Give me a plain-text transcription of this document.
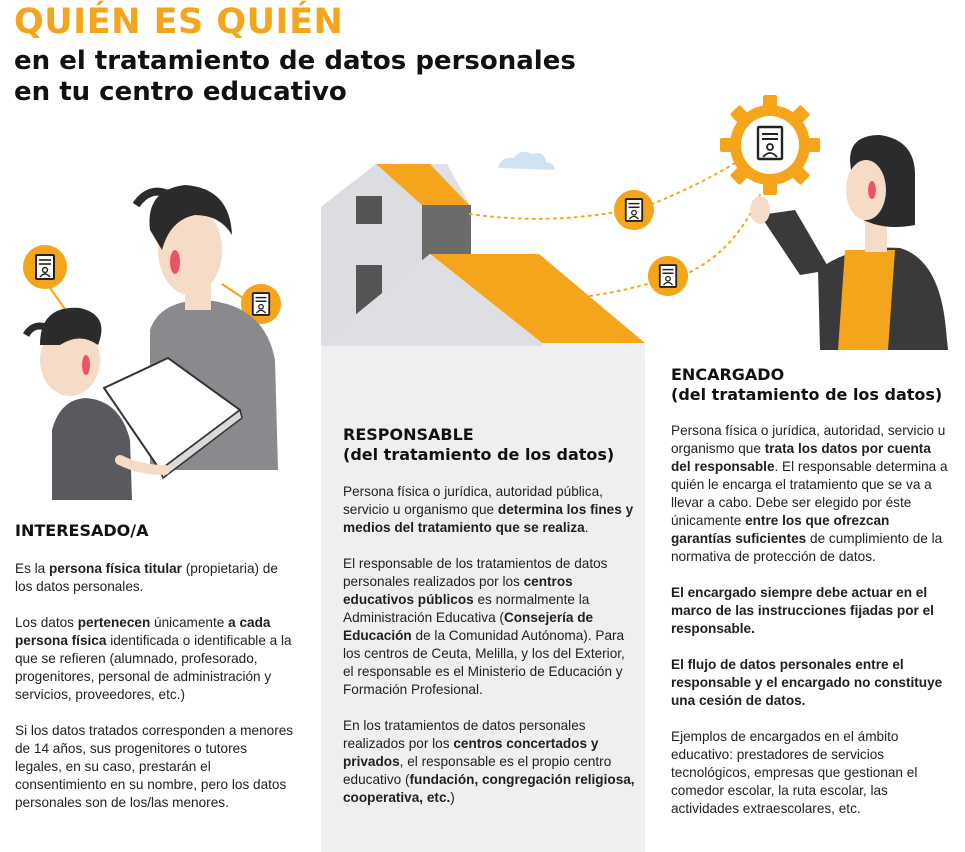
QUIÉN ES QUIÉN
en el tratamiento de datos personales
en tu centro educativo
INTERESADO/A

Es la persona física titular (propietaria) de los datos personales.

Los datos pertenecen únicamente a cada persona física identificada o identificable a la que se refieren (alumnado, profesorado, progenitores, personal de administración y servicios, proveedores, etc.)

Si los datos tratados corresponden a menores de 14 años, sus progenitores o tutores legales, en su caso, prestarán el consentimiento en su nombre, pero los datos personales son de los/las menores.

RESPONSABLE
(del tratamiento de los datos)

Persona física o jurídica, autoridad pública, servicio u organismo que determina los fines y medios del tratamiento que se realiza.

El responsable de los tratamientos de datos personales realizados por los centros educativos públicos es normalmente la Administración Educativa (Consejería de Educación de la Comunidad Autónoma). Para los centros de Ceuta, Melilla, y los del Exterior, el responsable es el Ministerio de Educación y Formación Profesional.

En los tratamientos de datos personales realizados por los centros concertados y privados, el responsable es el propio centro educativo (fundación, congregación religiosa, cooperativa, etc.)

ENCARGADO
(del tratamiento de los datos)

Persona física o jurídica, autoridad, servicio u organismo que trata los datos por cuenta del responsable. El responsable determina a quién le encarga el tratamiento que se va a llevar a cabo. Debe ser elegido por éste únicamente entre los que ofrezcan garantías suficientes de cumplimiento de la normativa de protección de datos.

El encargado siempre debe actuar en el marco de las instrucciones fijadas por el responsable.

El flujo de datos personales entre el responsable y el encargado no constituye una cesión de datos.

Ejemplos de encargados en el ámbito educativo: prestadores de servicios tecnológicos, empresas que gestionan el comedor escolar, la ruta escolar, las actividades extraescolares, etc.
